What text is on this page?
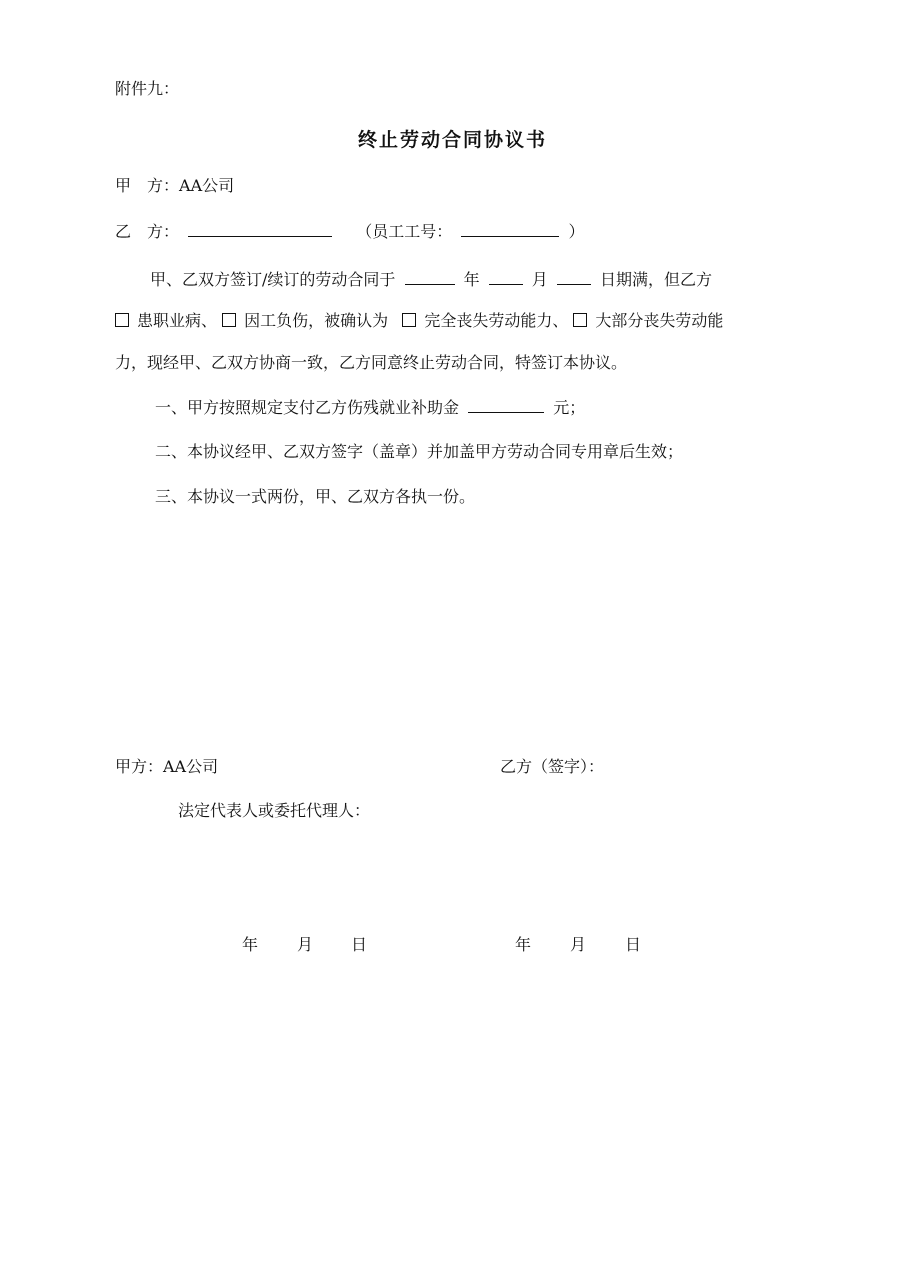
附件九：
终止劳动合同协议书
甲　方：AA公司
乙　方：	（员工工号：	）
甲、乙双方签订/续订的劳动合同于	年	月	日期满，但乙方
患职业病、 因工负伤，被确认为 完全丧失劳动能力、 大部分丧失劳动能
力，现经甲、乙双方协商一致，乙方同意终止劳动合同，特签订本协议。
一、甲方按照规定支付乙方伤残就业补助金	元；
二、本协议经甲、乙双方签字（盖章）并加盖甲方劳动合同专用章后生效；
三、本协议一式两份，甲、乙双方各执一份。
甲方：AA公司	乙方（签字）：
法定代表人或委托代理人：
年 月 日	年 月 日
